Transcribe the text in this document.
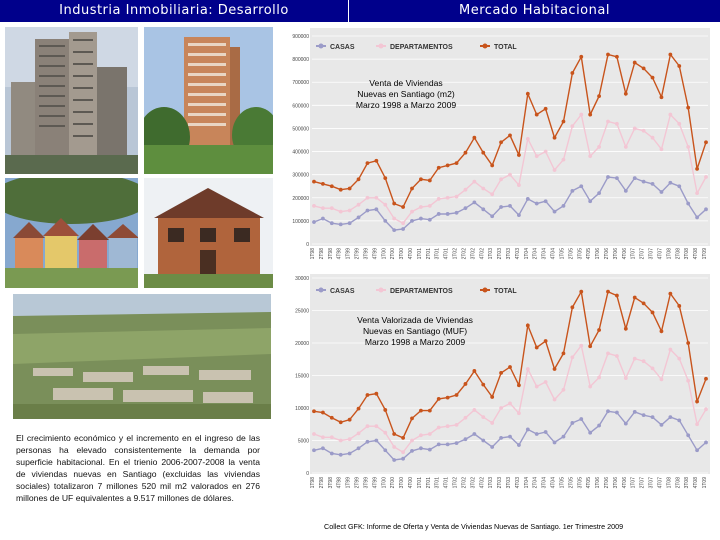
Industria Inmobiliaria: Desarrollo	Mercado Habitacional

El crecimiento económico y el incremento en el ingreso de las personas ha elevado consistentemente la demanda por superficie habitacional. En el trienio 2006-2007-2008 la venta de viviendas nuevas en Santiago (excluidas las viviendas sociales) totalizaron 7 millones 520 mil m2 valorados en 276 millones de UF equivalentes a 9.517 millones de dólares.

0
100000
200000
300000
400000
500000
600000
700000
800000
900000
1T98 2T98 3T98 4T98 1T99 2T99 3T99 4T99 1T00 2T00 3T00 4T00 1T01 2T01 3T01 4T01 1T02 2T02 3T02 4T02 1T03 2T03 3T03 4T03 1T04 2T04 3T04 4T04 1T05 2T05 3T05 4T05 1T06 2T06 3T06 4T06 1T07 2T07 3T07 4T07 1T08 2T08 3T08 4T08 1T09
CASAS	DEPARTAMENTOS	TOTAL
Venta de Viviendas
Nuevas en Santiago (m2)
Marzo 1998 a Marzo 2009
0
5000
10000
15000
20000
25000
30000
1T98 2T98 3T98 4T98 1T99 2T99 3T99 4T99 1T00 2T00 3T00 4T00 1T01 2T01 3T01 4T01 1T02 2T02 3T02 4T02 1T03 2T03 3T03 4T03 1T04 2T04 3T04 4T04 1T05 2T05 3T05 4T05 1T06 2T06 3T06 4T06 1T07 2T07 3T07 4T07 1T08 2T08 3T08 4T08 1T09
CASAS	DEPARTAMENTOS	TOTAL
Venta Valorizada de Viviendas
Nuevas en Santiago (MUF)
Marzo 1998 a Marzo 2009
Collect GFK: Informe de Oferta y Venta de Viviendas Nuevas de Santiago. 1er Trimestre 2009
